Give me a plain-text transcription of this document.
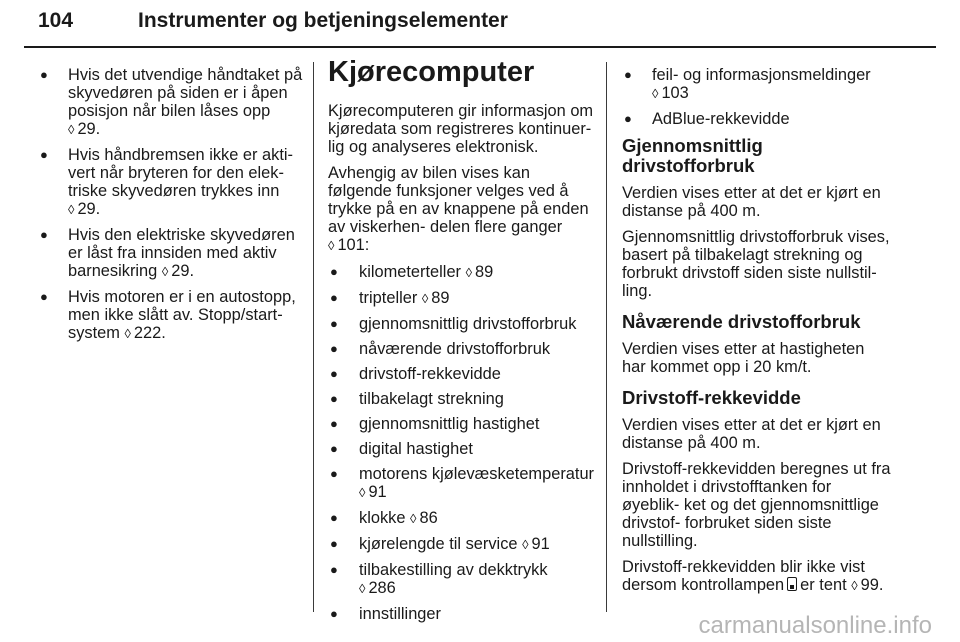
104	Instrumenter og betjeningselementer
● Hvis det utvendige håndtaket på skyvedøren på siden er i åpen posisjon når bilen låses opp
◊ 29.
● Hvis håndbremsen ikke er akti‐ vert når bryteren for den elek‐ triske skyvedøren trykkes inn
◊ 29.
● Hvis den elektriske skyvedøren er låst fra innsiden med aktiv barnesikring ◊ 29.
● Hvis motoren er i en autostopp, men ikke slått av. Stopp/start-system ◊ 222.
Kjørecomputer

Kjørecomputeren gir informasjon om kjøredata som registreres kontinuer‐ lig og analyseres elektronisk.

Avhengig av bilen vises kan følgende funksjoner velges ved å trykke på en av knappene på enden av viskerhen‐ delen flere ganger ◊ 101:

● kilometerteller ◊ 89
● tripteller ◊ 89
● gjennomsnittlig drivstofforbruk
● nåværende drivstofforbruk
● drivstoff-rekkevidde
● tilbakelagt strekning
● gjennomsnittlig hastighet
● digital hastighet
● motorens kjølevæsketemperatur
◊ 91
● klokke ◊ 86
● kjørelengde til service ◊ 91
● tilbakestilling av dekktrykk
◊ 286
● innstillinger
● feil- og informasjonsmeldinger
◊ 103
● AdBlue-rekkevidde
Gjennomsnittlig drivstofforbruk

Verdien vises etter at det er kjørt en distanse på 400 m.

Gjennomsnittlig drivstofforbruk vises, basert på tilbakelagt strekning og forbrukt drivstoff siden siste nullstil‐ ling.

Nåværende drivstofforbruk

Verdien vises etter at hastigheten har kommet opp i 20 km/t.

Drivstoff-rekkevidde

Verdien vises etter at det er kjørt en distanse på 400 m.

Drivstoff-rekkevidden beregnes ut fra innholdet i drivstofftanken for øyeblik‐ ket og det gjennomsnittlige drivstof‐ forbruket siden siste nullstilling.

Drivstoff-rekkevidden blir ikke vist dersom kontrollampen er tent ◊ 99.

carmanualsonline.info
